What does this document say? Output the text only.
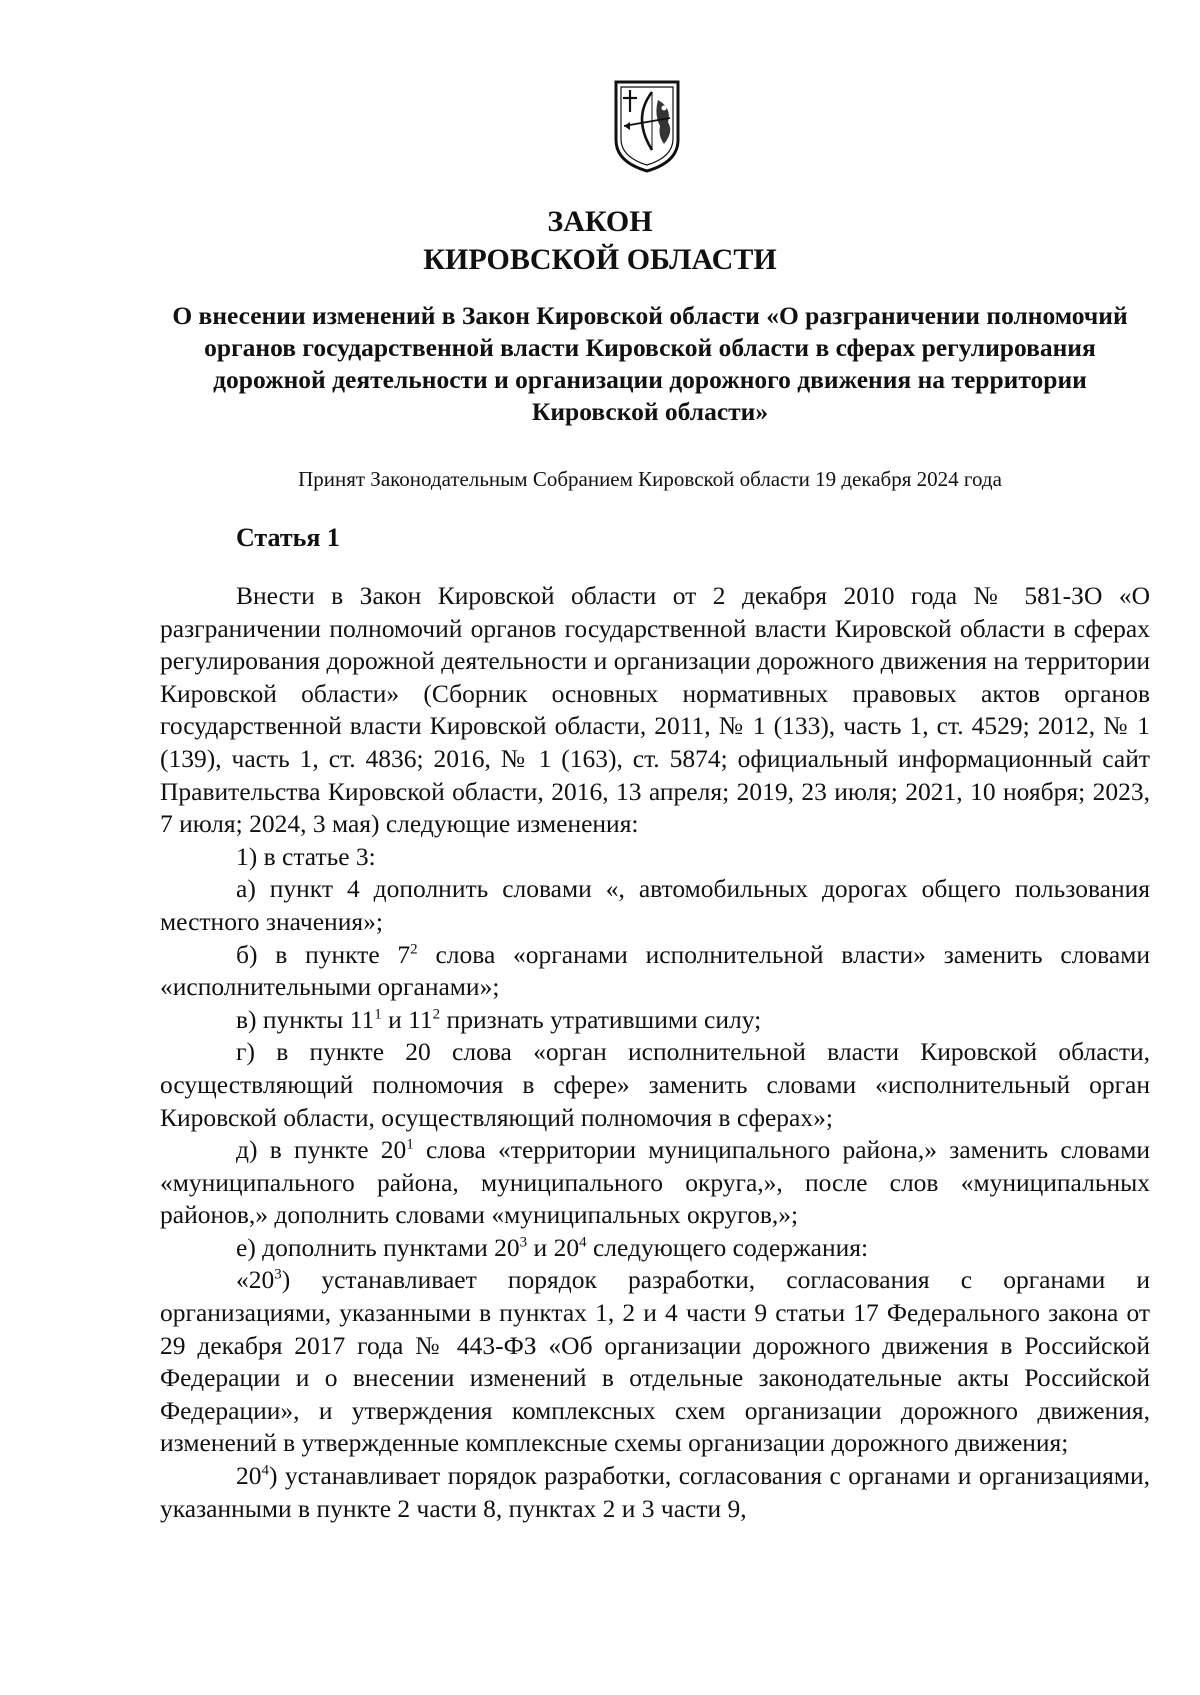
ЗАКОН
КИРОВСКОЙ ОБЛАСТИ
О внесении изменений в Закон Кировской области «О разграничении полномочий органов государственной власти Кировской области в сферах регулирования дорожной деятельности и организации дорожного движения на территории Кировской области»
Принят Законодательным Собранием Кировской области 19 декабря 2024 года
Статья 1

Внести в Закон Кировской области от 2 декабря 2010 года № 581-ЗО «О разграничении полномочий органов государственной власти Кировской области в сферах регулирования дорожной деятельности и организации дорожного движения на территории Кировской области» (Сборник основных нормативных правовых актов органов государственной власти Кировской области, 2011, № 1 (133), часть 1, ст. 4529; 2012, № 1 (139), часть 1, ст. 4836; 2016, № 1 (163), ст. 5874; официальный информационный сайт Правительства Кировской области, 2016, 13 апреля; 2019, 23 июля; 2021, 10 ноября; 2023, 7 июля; 2024, 3 мая) следующие изменения:

1) в статье 3:

а) пункт 4 дополнить словами «, автомобильных дорогах общего пользования местного значения»;

б) в пункте $7^2$ слова «органами исполнительной власти» заменить словами «исполнительными органами»;

в) пункты $11^1$ и $11^2$ признать утратившими силу;

г) в пункте 20 слова «орган исполнительной власти Кировской области, осуществляющий полномочия в сфере» заменить словами «исполнительный орган Кировской области, осуществляющий полномочия в сферах»;

д) в пункте $20^1$ слова «территории муниципального района,» заменить словами «муниципального района, муниципального округа,», после слов «муниципальных районов,» дополнить словами «муниципальных округов,»;

е) дополнить пунктами $20^3$ и $20^4$ следующего содержания:

«$20^3$) устанавливает порядок разработки, согласования с органами и организациями, указанными в пунктах 1, 2 и 4 части 9 статьи 17 Федерального закона от 29 декабря 2017 года № 443-ФЗ «Об организации дорожного движения в Российской Федерации и о внесении изменений в отдельные законодательные акты Российской Федерации», и утверждения комплексных схем организации дорожного движения, изменений в утвержденные комплексные схемы организации дорожного движения;

$20^4$) устанавливает порядок разработки, согласования с органами и организациями, указанными в пункте 2 части 8, пунктах 2 и 3 части 9,
